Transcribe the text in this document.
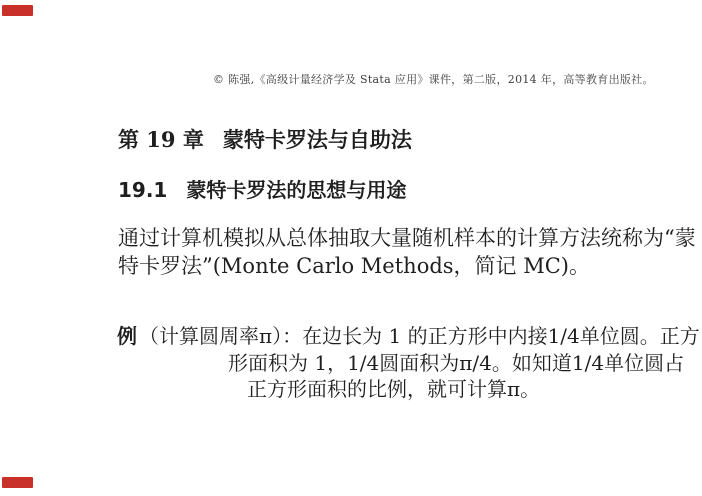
© 陈强,《高级计量经济学及 Stata 应用》课件，第二版，2014 年，高等教育出版社。
第 19 章 蒙特卡罗法与自助法
19.1 蒙特卡罗法的思想与用途
通过计算机模拟从总体抽取大量随机样本的计算方法统称为“蒙
特卡罗法”(Monte Carlo Methods，简记 MC)。
例 （计算圆周率π）：在边长为 1 的正方形中内接1/4单位圆。正方
形面积为 1，1/4圆面积为π/4。如知道1/4单位圆占
正方形面积的比例，就可计算π。
